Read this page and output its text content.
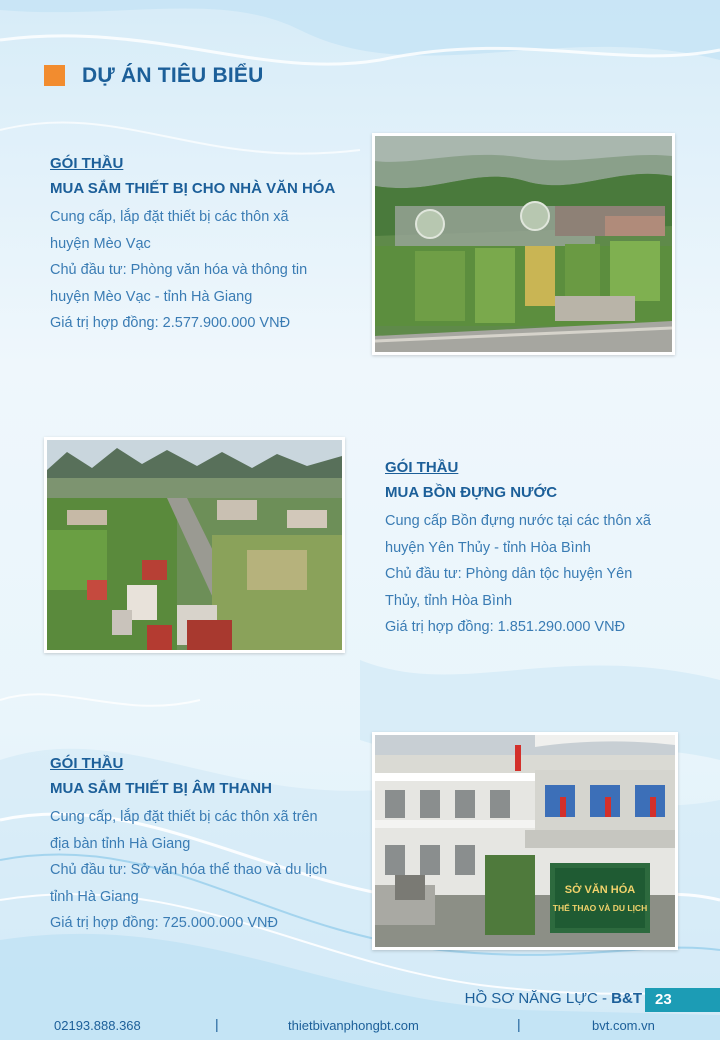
DỰ ÁN TIÊU BIỂU
GÓI THẦU
MUA SẮM THIẾT BỊ CHO NHÀ VĂN HÓA
Cung cấp, lắp đặt thiết bị các thôn xã
huyện Mèo Vạc
Chủ đầu tư: Phòng văn hóa và thông tin
huyện Mèo Vạc - tỉnh Hà Giang
Giá trị hợp đồng: 2.577.900.000 VNĐ
GÓI THẦU
MUA BỒN ĐỰNG NƯỚC
Cung cấp Bồn đựng nước tại các thôn xã
huyện Yên Thủy - tỉnh Hòa Bình
Chủ đầu tư: Phòng dân tộc huyện Yên
Thủy, tỉnh Hòa Bình
Giá trị hợp đồng: 1.851.290.000 VNĐ
GÓI THẦU
MUA SẮM THIẾT BỊ ÂM THANH
Cung cấp, lắp đặt thiết bị các thôn xã trên
địa bàn tỉnh Hà Giang
Chủ đầu tư: Sở văn hóa thể thao và du lịch
tỉnh Hà Giang
Giá trị hợp đồng: 725.000.000 VNĐ
SỞ VĂN HÓA
THỂ THAO VÀ DU LỊCH
HỒ SƠ NĂNG LỰC - B&T 23
02193.888.368	|	thietbivanphongbt.com	|	bvt.com.vn
